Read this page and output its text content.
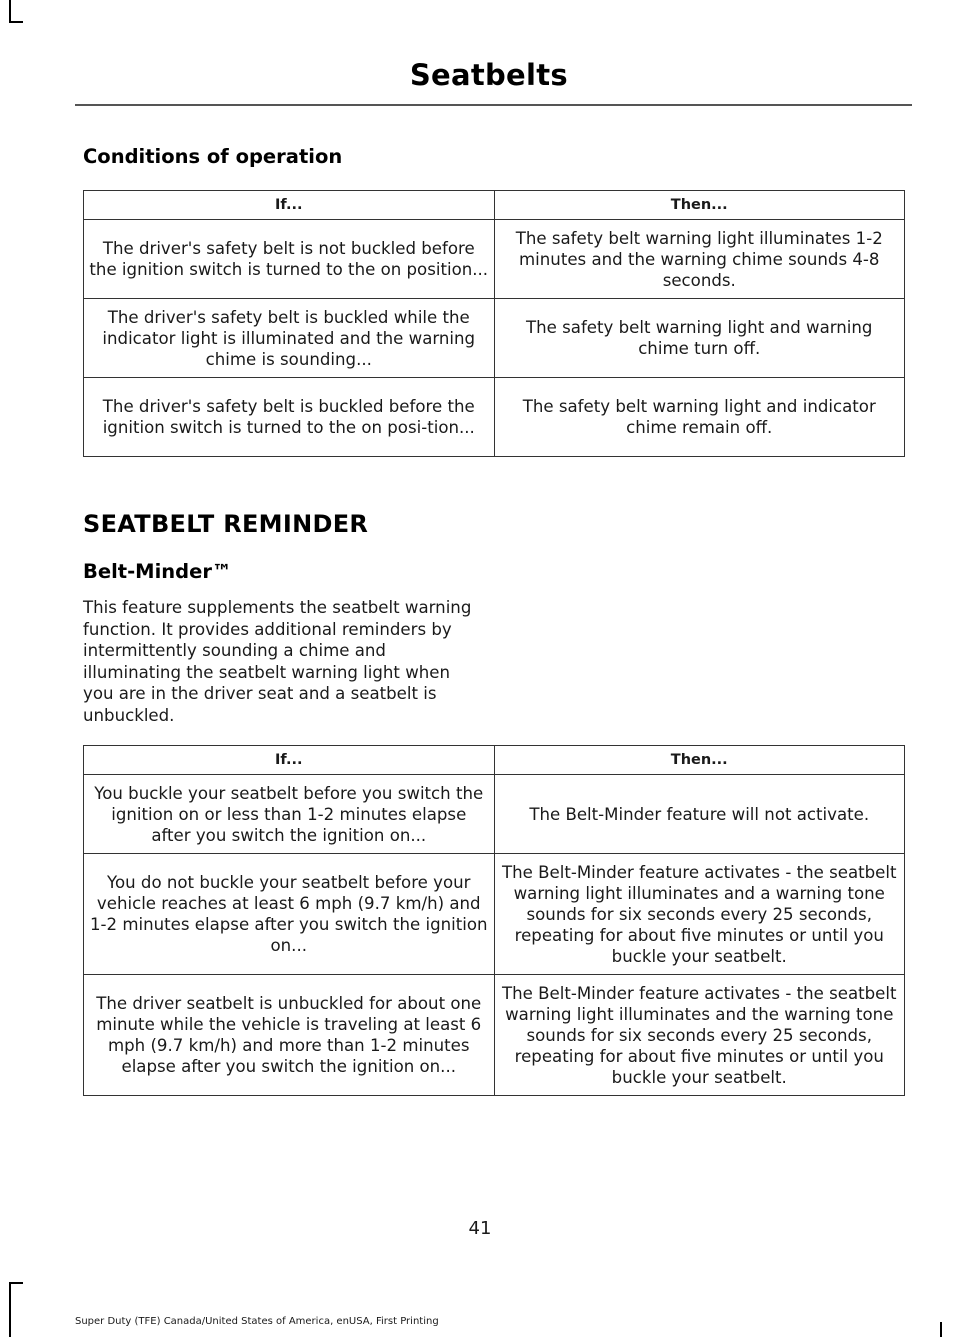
Seatbelts
Conditions of operation
If...	Then...
The driver's safety belt is not buckled before the ignition switch is turned to the on position...	The safety belt warning light illuminates 1-2 minutes and the warning chime sounds 4-8 seconds.
The driver's safety belt is buckled while the indicator light is illuminated and the warning chime is sounding...	The safety belt warning light and warning chime turn off.
The driver's safety belt is buckled before the ignition switch is turned to the on posi-tion...	The safety belt warning light and indicator chime remain off.
SEATBELT REMINDER
Belt-Minder™

This feature supplements the seatbelt warning function. It provides additional reminders by intermittently sounding a chime and illuminating the seatbelt warning light when you are in the driver seat and a seatbelt is unbuckled.

If...	Then...
You buckle your seatbelt before you switch the ignition on or less than 1-2 minutes elapse after you switch the ignition on...	The Belt-Minder feature will not activate.
You do not buckle your seatbelt before your vehicle reaches at least 6 mph (9.7 km/h) and 1-2 minutes elapse after you switch the ignition on...	The Belt-Minder feature activates - the seatbelt warning light illuminates and a warning tone sounds for six seconds every 25 seconds, repeating for about five minutes or until you buckle your seatbelt.
The driver seatbelt is unbuckled for about one minute while the vehicle is traveling at least 6 mph (9.7 km/h) and more than 1-2 minutes elapse after you switch the ignition on...	The Belt-Minder feature activates - the seatbelt warning light illuminates and the warning tone sounds for six seconds every 25 seconds, repeating for about five minutes or until you buckle your seatbelt.
41
Super Duty (TFE) Canada/United States of America, enUSA, First Printing
